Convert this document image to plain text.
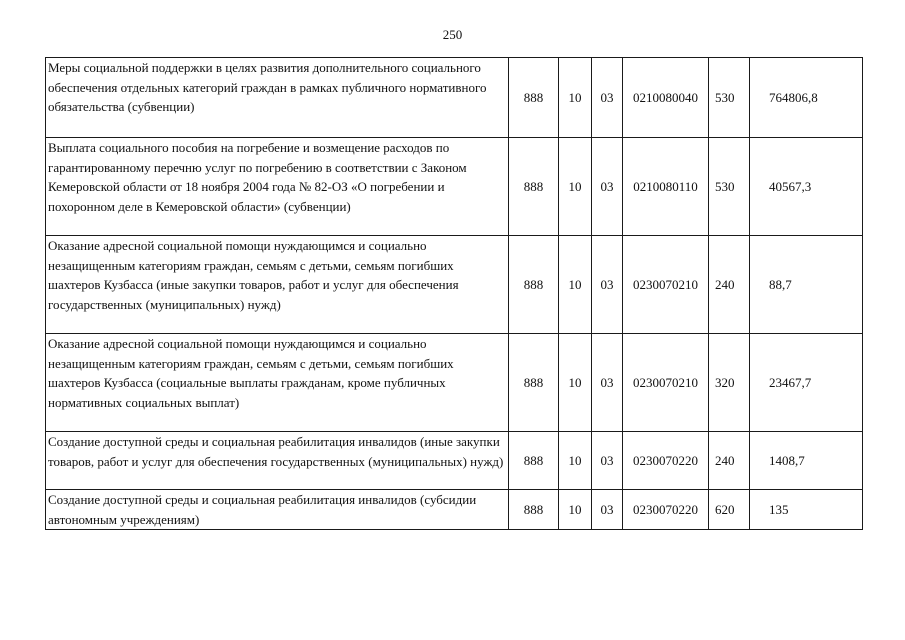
250
Меры социальной поддержки в целях развития дополнительного социального обеспечения отдельных категорий граждан в рамках публичного нормативного обязательства (субвенции)	888	10	03	0210080040	530	764806,8
Выплата социального пособия на погребение и возмещение расходов по гарантированному перечню услуг по погребению в соответствии с Законом Кемеровской области от 18 ноября 2004 года № 82-ОЗ «О погребении и похоронном деле в Кемеровской области» (субвенции)	888	10	03	0210080110	530	40567,3
Оказание адресной социальной помощи нуждающимся и социально незащищенным категориям граждан, семьям с детьми, семьям погибших шахтеров Кузбасса (иные закупки товаров, работ и услуг для обеспечения государственных (муниципальных) нужд)	888	10	03	0230070210	240	88,7
Оказание адресной социальной помощи нуждающимся и социально незащищенным категориям граждан, семьям с детьми, семьям погибших шахтеров Кузбасса (социальные выплаты гражданам, кроме публичных нормативных социальных выплат)	888	10	03	0230070210	320	23467,7
Создание доступной среды и социальная реабилитация инвалидов (иные закупки товаров, работ и услуг для обеспечения государственных (муниципальных) нужд)	888	10	03	0230070220	240	1408,7
Создание доступной среды и социальная реабилитация инвалидов (субсидии автономным учреждениям)	888	10	03	0230070220	620	135
